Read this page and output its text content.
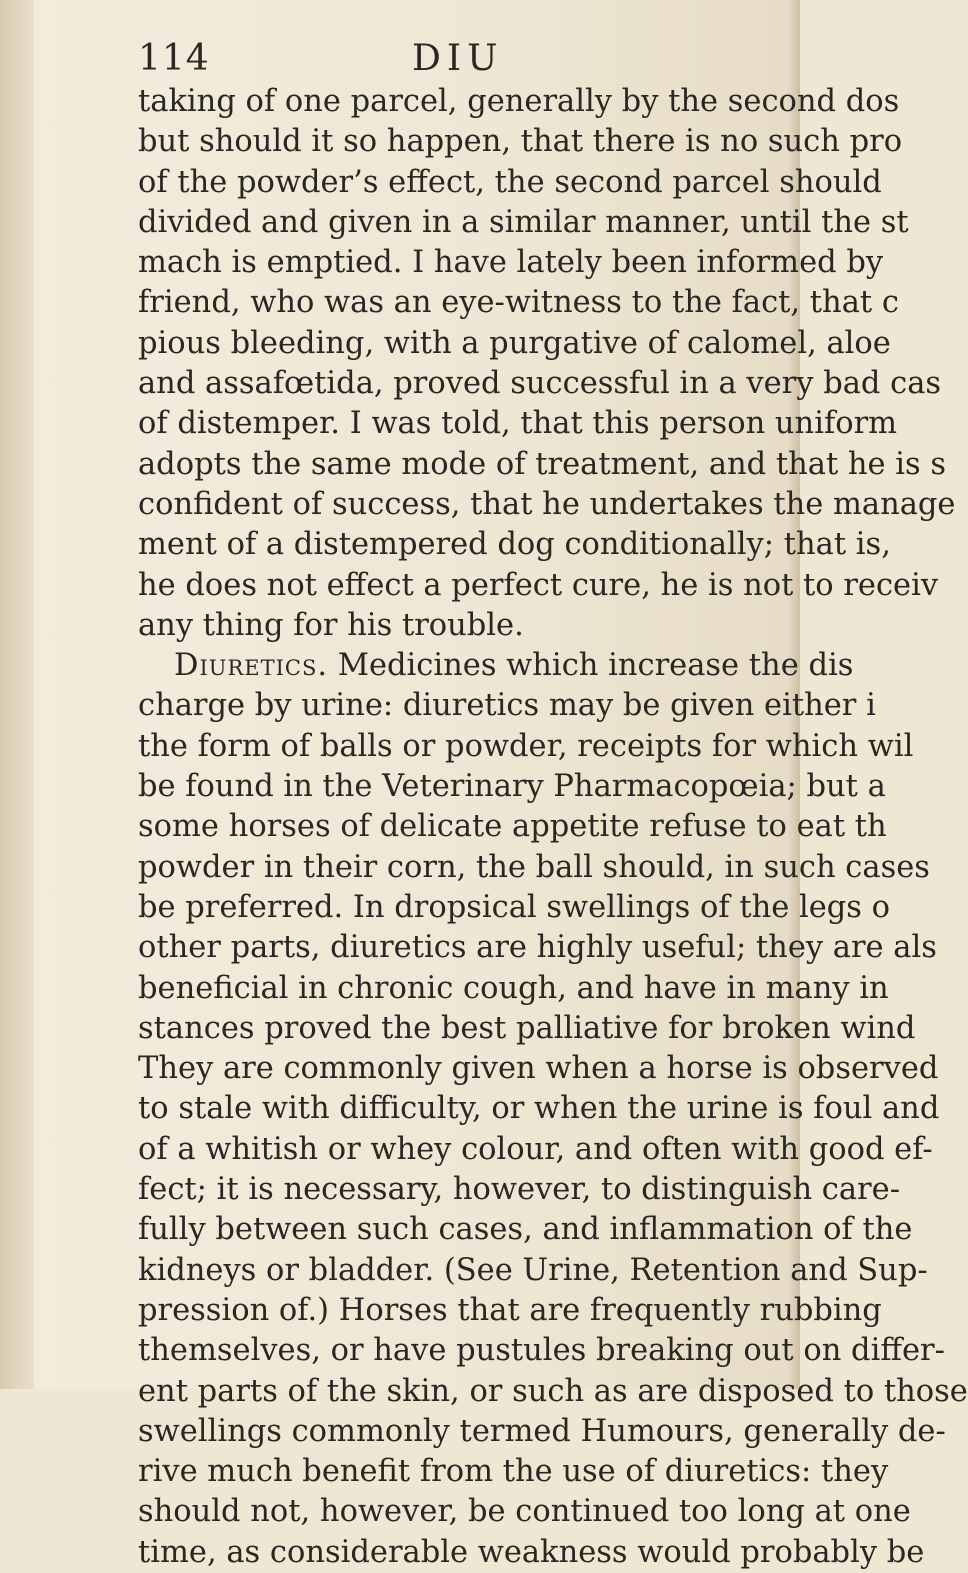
114	DIU
taking of one parcel, generally by the second dos
but should it so happen, that there is no such pro
of the powder’s effect, the second parcel should
divided and given in a similar manner, until the st
mach is emptied. I have lately been informed by
friend, who was an eye-witness to the fact, that c
pious bleeding, with a purgative of calomel, aloe
and assafœtida, proved successful in a very bad cas
of distemper. I was told, that this person uniform
adopts the same mode of treatment, and that he is s
confident of success, that he undertakes the manage
ment of a distempered dog conditionally; that is,
he does not effect a perfect cure, he is not to receiv
any thing for his trouble.
Diuretics. Medicines which increase the dis
charge by urine: diuretics may be given either i
the form of balls or powder, receipts for which wil
be found in the Veterinary Pharmacopœia; but a
some horses of delicate appetite refuse to eat th
powder in their corn, the ball should, in such cases
be preferred. In dropsical swellings of the legs o
other parts, diuretics are highly useful; they are als
beneficial in chronic cough, and have in many in
stances proved the best palliative for broken wind
They are commonly given when a horse is observed
to stale with difficulty, or when the urine is foul and
of a whitish or whey colour, and often with good ef-
fect; it is necessary, however, to distinguish care-
fully between such cases, and inflammation of the
kidneys or bladder. (See Urine, Retention and Sup-
pression of.) Horses that are frequently rubbing
themselves, or have pustules breaking out on differ-
ent parts of the skin, or such as are disposed to those
swellings commonly termed Humours, generally de-
rive much benefit from the use of diuretics: they
should not, however, be continued too long at one
time, as considerable weakness would probably be
